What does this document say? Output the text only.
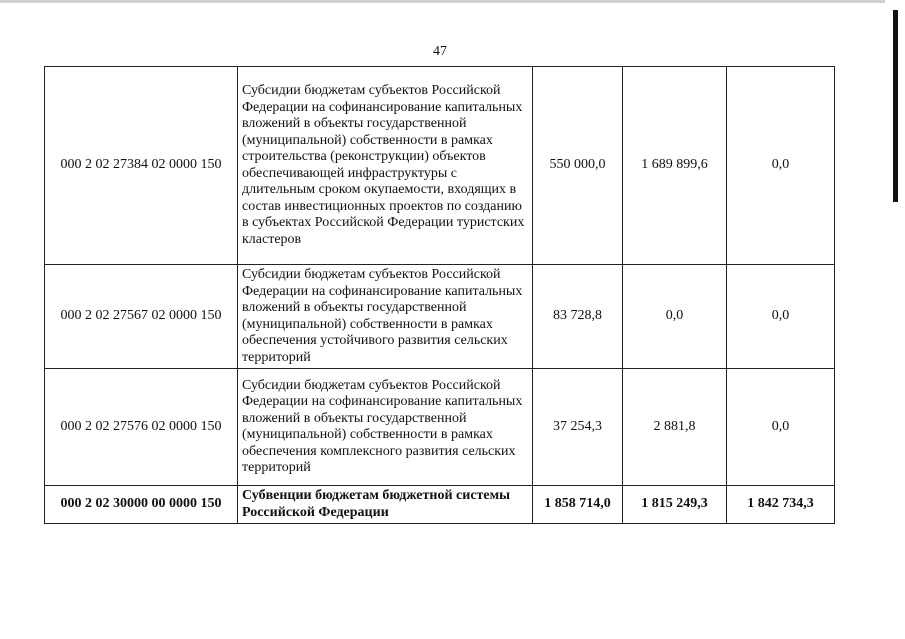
47
000 2 02 27384 02 0000 150	Субсидии бюджетам субъектов Российской Федерации на софинансирование капитальных вложений в объекты государственной (муниципальной) собственности в рамках строительства (реконструкции) объектов обеспечивающей инфраструктуры с длительным сроком окупаемости, входящих в состав инвестиционных проектов по созданию в субъектах Российской Федерации туристских кластеров	550 000,0	1 689 899,6	0,0
000 2 02 27567 02 0000 150	Субсидии бюджетам субъектов Российской Федерации на софинансирование капитальных вложений в объекты государственной (муниципальной) собственности в рамках обеспечения устойчивого развития сельских территорий	83 728,8	0,0	0,0
000 2 02 27576 02 0000 150	Субсидии бюджетам субъектов Российской Федерации на софинансирование капитальных вложений в объекты государственной (муниципальной) собственности в рамках обеспечения комплексного развития сельских территорий	37 254,3	2 881,8	0,0
000 2 02 30000 00 0000 150	Субвенции бюджетам бюджетной системы Российской Федерации	1 858 714,0	1 815 249,3	1 842 734,3
